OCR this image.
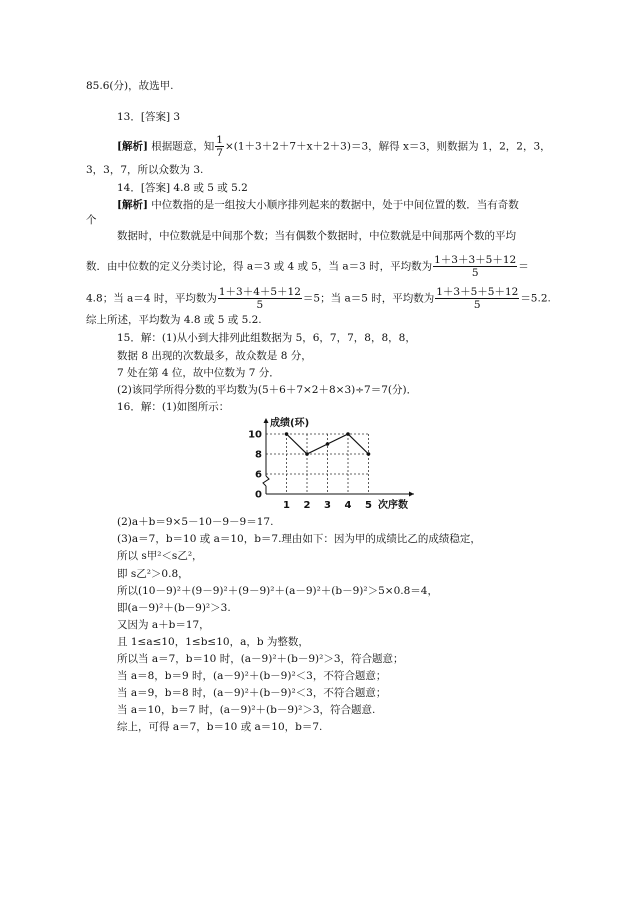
85.6(分)，故选甲.
13．[答案] 3
[解析] 根据题意，知 $\frac{1}{7} \times(1+3+2+7+x+2+3)=3$，解得 x＝3，则数据为 1，2，2，3，
3，3，7，所以众数为 3.
14．[答案] 4.8 或 5 或 5.2
[解析] 中位数指的是一组按大小顺序排列起来的数据中，处于中间位置的数．当有奇数
个
数据时，中位数就是中间那个数；当有偶数个数据时，中位数就是中间那两个数的平均
数．由中位数的定义分类讨论，得 a＝3 或 4 或 5，当 a＝3 时，平均数为 $\frac{1+3+3+5+12}{5}$ ＝
4.8；当 a＝4 时，平均数为 $\frac{1+3+4+5+12}{5} =5$；当 a＝5 时，平均数为 $\frac{1+3+5+5+12}{5} =5.2$.
综上所述，平均数为 4.8 或 5 或 5.2.
15．解：(1)从小到大排列此组数据为 5，6，7，7，8，8，8，
数据 8 出现的次数最多，故众数是 8 分，
7 处在第 4 位，故中位数为 7 分．
(2)该同学所得分数的平均数为(5＋6＋7×2＋8×3)÷7＝7(分)．
16．解：(1)如图所示：
1 2 3 4 5
0
6
8
10
成绩(环)
次序数
(2)a＋b＝9×5－10－9－9＝17.
(3)a＝7，b＝10 或 a＝10，b＝7.理由如下：因为甲的成绩比乙的成绩稳定，
所以 s甲²＜s乙²，
即 s乙²＞0.8，
所以(10－9)²＋(9－9)²＋(9－9)²＋(a－9)²＋(b－9)²＞5×0.8＝4，
即(a－9)²＋(b－9)²＞3.
又因为 a＋b＝17，
且 1≤a≤10，1≤b≤10，a，b 为整数，
所以当 a＝7，b＝10 时，(a－9)²＋(b－9)²＞3，符合题意；
当 a＝8，b＝9 时，(a－9)²＋(b－9)²＜3，不符合题意；
当 a＝9，b＝8 时，(a－9)²＋(b－9)²＜3，不符合题意；
当 a＝10，b＝7 时，(a－9)²＋(b－9)²＞3，符合题意.
综上，可得 a＝7，b＝10 或 a＝10，b＝7.
